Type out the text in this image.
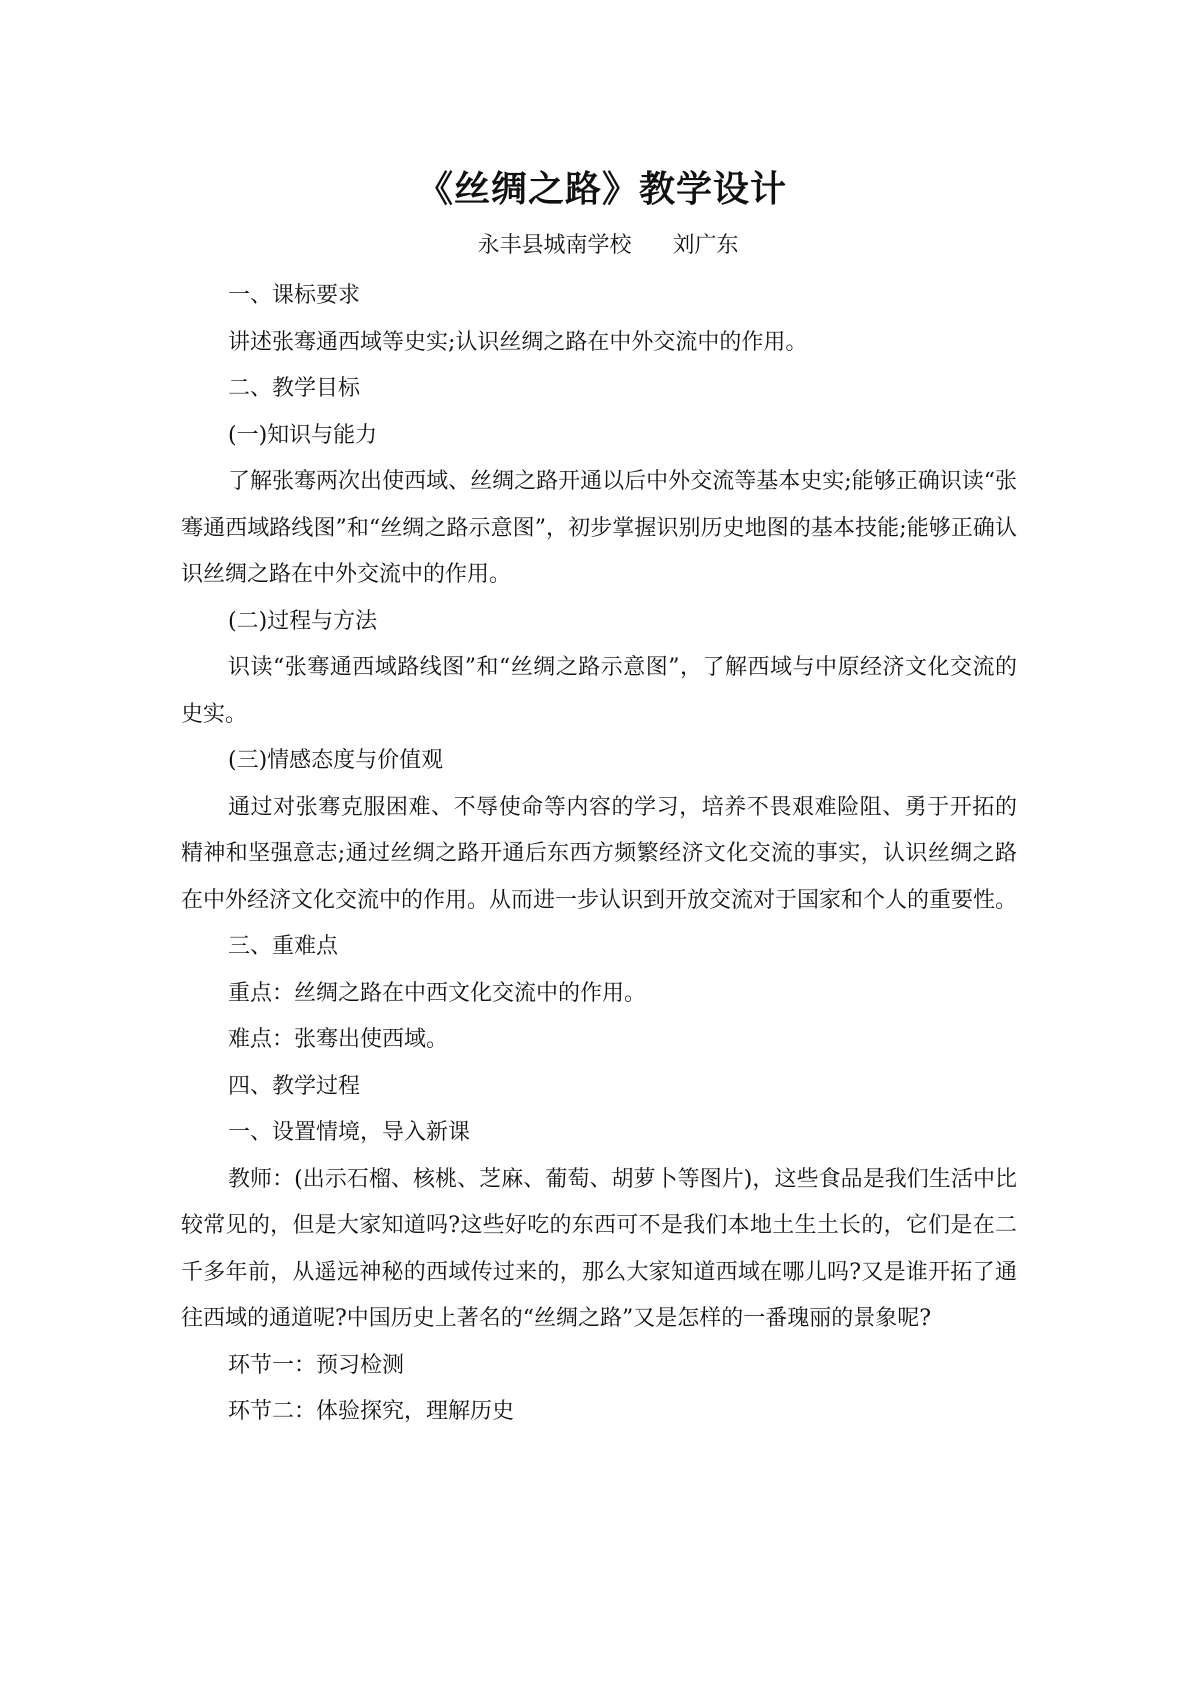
《丝绸之路》教学设计
永丰县城南学校 刘广东

一、课标要求

讲述张骞通西域等史实;认识丝绸之路在中外交流中的作用。

二、教学目标

(一)知识与能力

了解张骞两次出使西域、丝绸之路开通以后中外交流等基本史实;能够正确识读“张骞通西域路线图”和“丝绸之路示意图”，初步掌握识别历史地图的基本技能;能够正确认识丝绸之路在中外交流中的作用。

(二)过程与方法

识读“张骞通西域路线图”和“丝绸之路示意图”，了解西域与中原经济文化交流的史实。

(三)情感态度与价值观

通过对张骞克服困难、不辱使命等内容的学习，培养不畏艰难险阻、勇于开拓的精神和坚强意志;通过丝绸之路开通后东西方频繁经济文化交流的事实，认识丝绸之路在中外经济文化交流中的作用。从而进一步认识到开放交流对于国家和个人的重要性。

三、重难点

重点：丝绸之路在中西文化交流中的作用。

难点：张骞出使西域。

四、教学过程

一、设置情境，导入新课

教师：(出示石榴、核桃、芝麻、葡萄、胡萝卜等图片)，这些食品是我们生活中比较常见的，但是大家知道吗?这些好吃的东西可不是我们本地土生土长的，它们是在二千多年前，从遥远神秘的西域传过来的，那么大家知道西域在哪儿吗?又是谁开拓了通往西域的通道呢?中国历史上著名的“丝绸之路”又是怎样的一番瑰丽的景象呢?

环节一：预习检测

环节二：体验探究，理解历史
